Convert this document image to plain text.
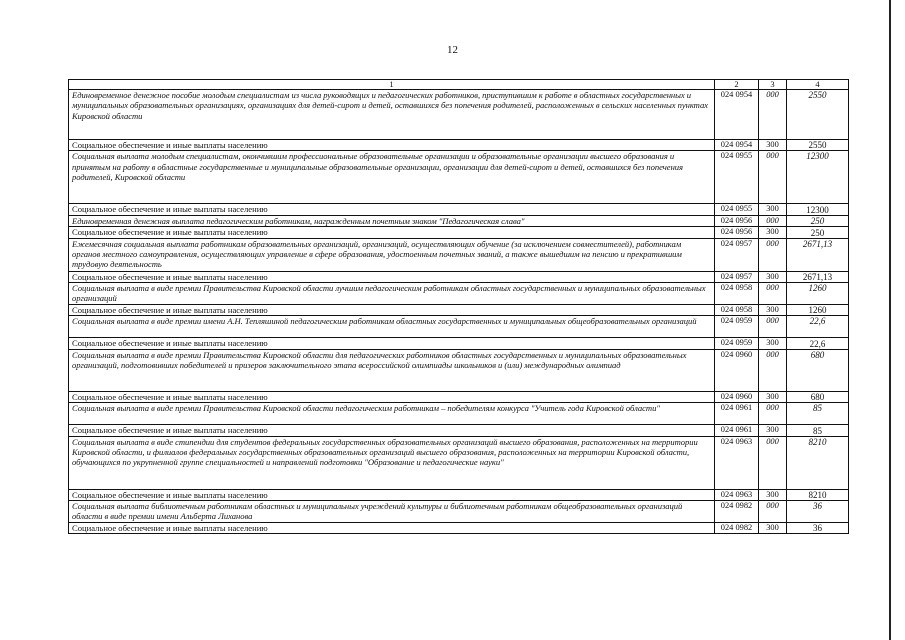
12
1	2	3	4
Единовременное денежное пособие молодым специалистам из числа руководящих и педагогических работников, приступившим к работе в областных государственных и муниципальных образовательных организациях, организациях для детей-сирот и детей, оставшихся без попечения родителей, расположенных в сельских населенных пунктах Кировской области	024 0954	000	2550
Социальное обеспечение и иные выплаты населению	024 0954	300	2550
Социальная выплата молодым специалистам, окончившим профессиональные образовательные организации и образовательные организации высшего образования и принятым на работу в областные государственные и муниципальные образовательные организации, организации для детей-сирот и детей, оставшихся без попечения родителей, Кировской области	024 0955	000	12300
Социальное обеспечение и иные выплаты населению	024 0955	300	12300
Единовременная денежная выплата педагогическим работникам, награжденным почетным знаком "Педагогическая слава"	024 0956	000	250
Социальное обеспечение и иные выплаты населению	024 0956	300	250
Ежемесячная социальная выплата работникам образовательных организаций, организаций, осуществляющих обучение (за исключением совместителей), работникам органов местного самоуправления, осуществляющих управление в сфере образования, удостоенным почетных званий, а также вышедшим на пенсию и прекратившим трудовую деятельность	024 0957	000	2671,13
Социальное обеспечение и иные выплаты населению	024 0957	300	2671,13
Социальная выплата в виде премии Правительства Кировской области лучшим педагогическим работникам областных государственных и муниципальных образовательных организаций	024 0958	000	1260
Социальное обеспечение и иные выплаты населению	024 0958	300	1260
Социальная выплата в виде премии имени А.Н. Тепляшиной педагогическим работникам областных государственных и муниципальных общеобразовательных организаций	024 0959	000	22,6
Социальное обеспечение и иные выплаты населению	024 0959	300	22,6
Социальная выплата в виде премии Правительства Кировской области для педагогических работников областных государственных и муниципальных образовательных организаций, подготовивших победителей и призеров заключительного этапа всероссийской олимпиады школьников и (или) международных олимпиад	024 0960	000	680
Социальное обеспечение и иные выплаты населению	024 0960	300	680
Социальная выплата в виде премии Правительства Кировской области педагогическим работникам – победителям конкурса "Учитель года Кировской области"	024 0961	000	85
Социальное обеспечение и иные выплаты населению	024 0961	300	85
Социальная выплата в виде стипендии для студентов федеральных государственных образовательных организаций высшего образования, расположенных на территории Кировской области, и филиалов федеральных государственных образовательных организаций высшего образования, расположенных на территории Кировской области, обучающихся по укрупненной группе специальностей и направлений подготовки "Образование и педагогические науки"	024 0963	000	8210
Социальное обеспечение и иные выплаты населению	024 0963	300	8210
Социальная выплата библиотечным работникам областных и муниципальных учреждений культуры и библиотечным работникам общеобразовательных организаций области в виде премии имени Альберта Лиханова	024 0982	000	36
Социальное обеспечение и иные выплаты населению	024 0982	300	36
